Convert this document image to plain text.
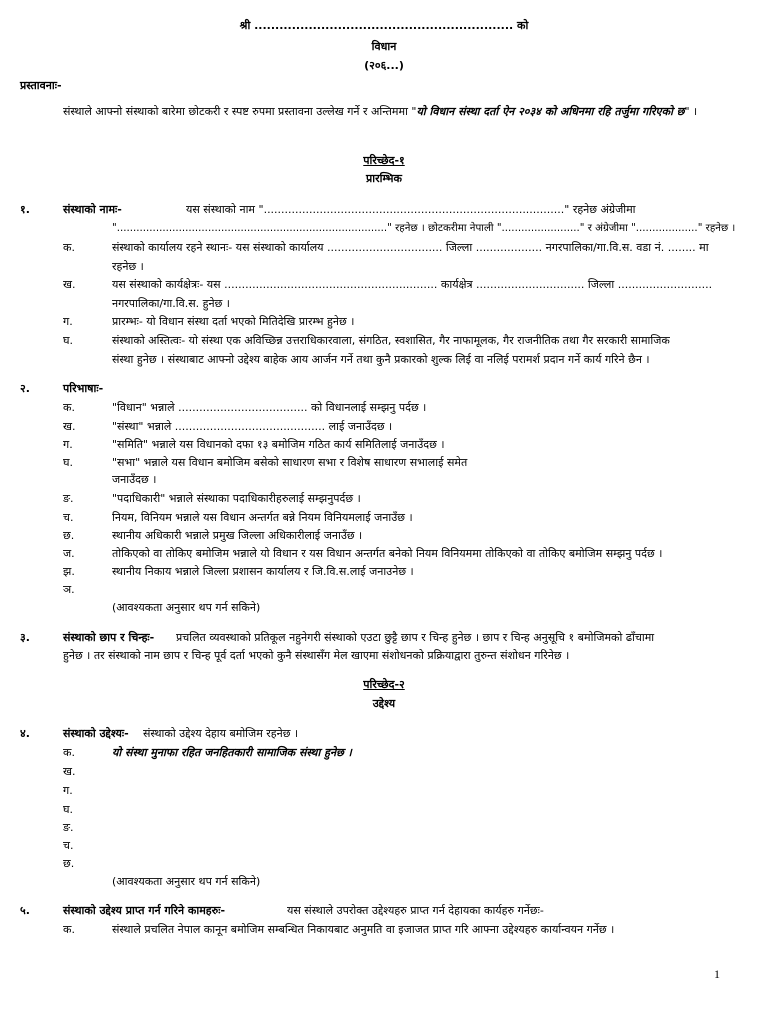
श्री .............................................................. को
विधान
(२०६...)
प्रस्तावनाः-
संस्थाले आफ्नो संस्थाको बारेमा छोटकरी र स्पष्ट रुपमा प्रस्तावना उल्लेख गर्ने र अन्तिममा "यो विधान संस्था दर्ता ऐन २०३४ को अधिनमा रहि तर्जुमा गरिएको छ" ।
परिच्छेद-१
प्रारम्भिक
१.	संस्थाको नामः-	यस संस्थाको नाम "......................................................................................" रहनेछ अंग्रेजीमा
"..................................................................................." रहनेछ । छोटकरीमा नेपाली "........................" र अंग्रेजीमा "..................." रहनेछ ।
क.	संस्थाको कार्यालय रहने स्थानः- यस संस्थाको कार्यालय ................................. जिल्ला ................... नगरपालिका/गा.वि.स. वडा नं. ........ मा
रहनेछ ।
ख.	यस संस्थाको कार्यक्षेत्रः- यस ............................................................. कार्यक्षेत्र ............................... जिल्ला ...........................
नगरपालिका/गा.वि.स. हुनेछ ।
ग.	प्रारम्भः- यो विधान संस्था दर्ता भएको मितिदेखि प्रारम्भ हुनेछ ।
घ.	संस्थाको अस्तित्वः- यो संस्था एक अविच्छिन्न उत्तराधिकारवाला, संगठित, स्वशासित, गैर नाफामूलक, गैर राजनीतिक तथा गैर सरकारी सामाजिक
संस्था हुनेछ । संस्थाबाट आफ्नो उद्देश्य बाहेक आय आर्जन गर्ने तथा कुनै प्रकारको शुल्क लिई वा नलिई परामर्श प्रदान गर्ने कार्य गरिने छैन ।
२.	परिभाषाः-
क.	"विधान" भन्नाले ..................................... को विधानलाई सम्झनु पर्दछ ।
ख.	"संस्था" भन्नाले ........................................... लाई जनाउँदछ ।
ग.	"समिति" भन्नाले यस विधानको दफा १३ बमोजिम गठित कार्य समितिलाई जनाउँदछ ।
घ.	"सभा" भन्नाले यस विधान बमोजिम बसेको साधारण सभा र विशेष साधारण सभालाई समेत
जनाउँदछ ।
ङ.	"पदाधिकारी" भन्नाले संस्थाका पदाधिकारीहरुलाई सम्झनुपर्दछ ।
च.	नियम, विनियम भन्नाले यस विधान अन्तर्गत बन्ने नियम विनियमलाई जनाउँछ ।
छ.	स्थानीय अधिकारी भन्नाले प्रमुख जिल्ला अधिकारीलाई जनाउँछ ।
ज.	तोकिएको वा तोकिए बमोजिम भन्नाले यो विधान र यस विधान अन्तर्गत बनेको नियम विनियममा तोकिएको वा तोकिए बमोजिम सम्झनु पर्दछ ।
झ.	स्थानीय निकाय भन्नाले जिल्ला प्रशासन कार्यालय र जि.वि.स.लाई जनाउनेछ ।
ञ.
(आवश्यकता अनुसार थप गर्न सकिने)
३.	संस्थाको छाप र चिन्हः- प्रचलित व्यवस्थाको प्रतिकूल नहुनेगरी संस्थाको एउटा छुट्टै छाप र चिन्ह हुनेछ । छाप र चिन्ह अनुसूचि १ बमोजिमको ढाँचामा
हुनेछ । तर संस्थाको नाम छाप र चिन्ह पूर्व दर्ता भएको कुनै संस्थासँग मेल खाएमा संशोधनको प्रक्रियाद्वारा तुरुन्त संशोधन गरिनेछ ।
परिच्छेद-२
उद्देश्य
४.	संस्थाको उद्देश्यः- संस्थाको उद्देश्य देहाय बमोजिम रहनेछ ।
क.	यो संस्था मुनाफा रहित जनहितकारी सामाजिक संस्था हुनेछ ।
ख.
ग.
घ.
ङ.
च.
छ.
(आवश्यकता अनुसार थप गर्न सकिने)
५.	संस्थाको उद्देश्य प्राप्त गर्न गरिने कामहरुः-	यस संस्थाले उपरोक्त उद्देश्यहरु प्राप्त गर्न देहायका कार्यहरु गर्नेछः-
क.	संस्थाले प्रचलित नेपाल कानून बमोजिम सम्बन्धित निकायबाट अनुमति वा इजाजत प्राप्त गरि आफ्ना उद्देश्यहरु कार्यान्वयन गर्नेछ ।
1
